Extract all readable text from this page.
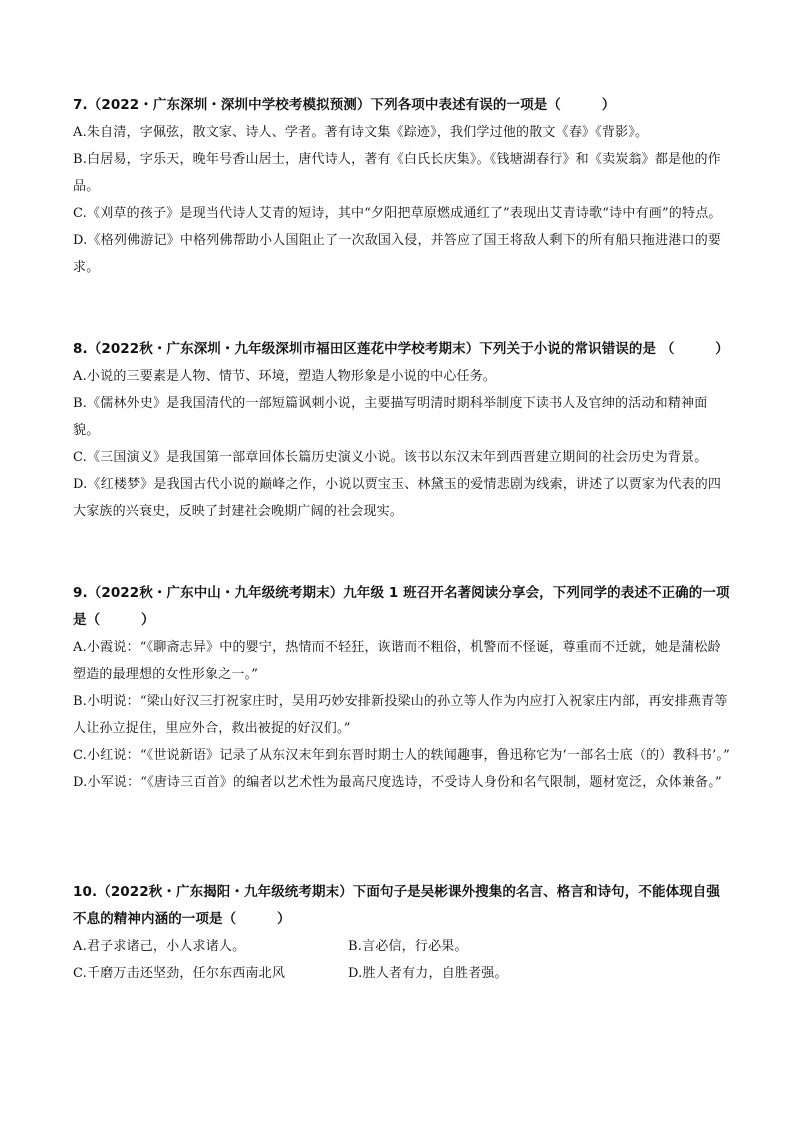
7.（2022・广东深圳・深圳中学校考模拟预测）下列各项中表述有误的一项是（　　　）
A.朱自清，字佩弦，散文家、诗人、学者。著有诗文集《踪迹》，我们学过他的散文《春》《背影》。
B.白居易，字乐天，晚年号香山居士，唐代诗人，著有《白氏长庆集》。《钱塘湖春行》和《卖炭翁》都是他的作品。
C.《刈草的孩子》是现当代诗人艾青的短诗，其中“夕阳把草原燃成通红了”表现出艾青诗歌“诗中有画”的特点。
D.《格列佛游记》中格列佛帮助小人国阻止了一次敌国入侵，并答应了国王将敌人剩下的所有船只拖进港口的要求。
8.（2022秋・广东深圳・九年级深圳市福田区莲花中学校考期末）下列关于小说的常识错误的是 （　　　）
A.小说的三要素是人物、情节、环境，塑造人物形象是小说的中心任务。
B.《儒林外史》是我国清代的一部短篇讽刺小说，主要描写明清时期科举制度下读书人及官绅的活动和精神面貌。
C.《三国演义》是我国第一部章回体长篇历史演义小说。该书以东汉末年到西晋建立期间的社会历史为背景。
D.《红楼梦》是我国古代小说的巅峰之作，小说以贾宝玉、林黛玉的爱情悲剧为线索，讲述了以贾家为代表的四大家族的兴衰史，反映了封建社会晚期广阔的社会现实。
9.（2022秋・广东中山・九年级统考期末）九年级 1 班召开名著阅读分享会，下列同学的表述不正确的一项是（　　　）
A.小霞说：“《聊斋志异》中的婴宁，热情而不轻狂，诙谐而不粗俗，机警而不怪诞，尊重而不迁就，她是蒲松龄塑造的最理想的女性形象之一。”
B.小明说：“梁山好汉三打祝家庄时，吴用巧妙安排新投梁山的孙立等人作为内应打入祝家庄内部，再安排燕青等人让孙立捉住，里应外合，救出被捉的好汉们。”
C.小红说：“《世说新语》记录了从东汉末年到东晋时期士人的轶闻趣事，鲁迅称它为‘一部名士底（的）教科书’。”
D.小军说：“《唐诗三百首》的编者以艺术性为最高尺度选诗，不受诗人身份和名气限制，题材宽泛，众体兼备。”
10.（2022秋・广东揭阳・九年级统考期末）下面句子是吴彬课外搜集的名言、格言和诗句，不能体现自强不息的精神内涵的一项是（　　　）
A.君子求诸己，小人求诸人。	B.言必信，行必果。
C.千磨万击还坚劲，任尔东西南北风	D.胜人者有力，自胜者强。
